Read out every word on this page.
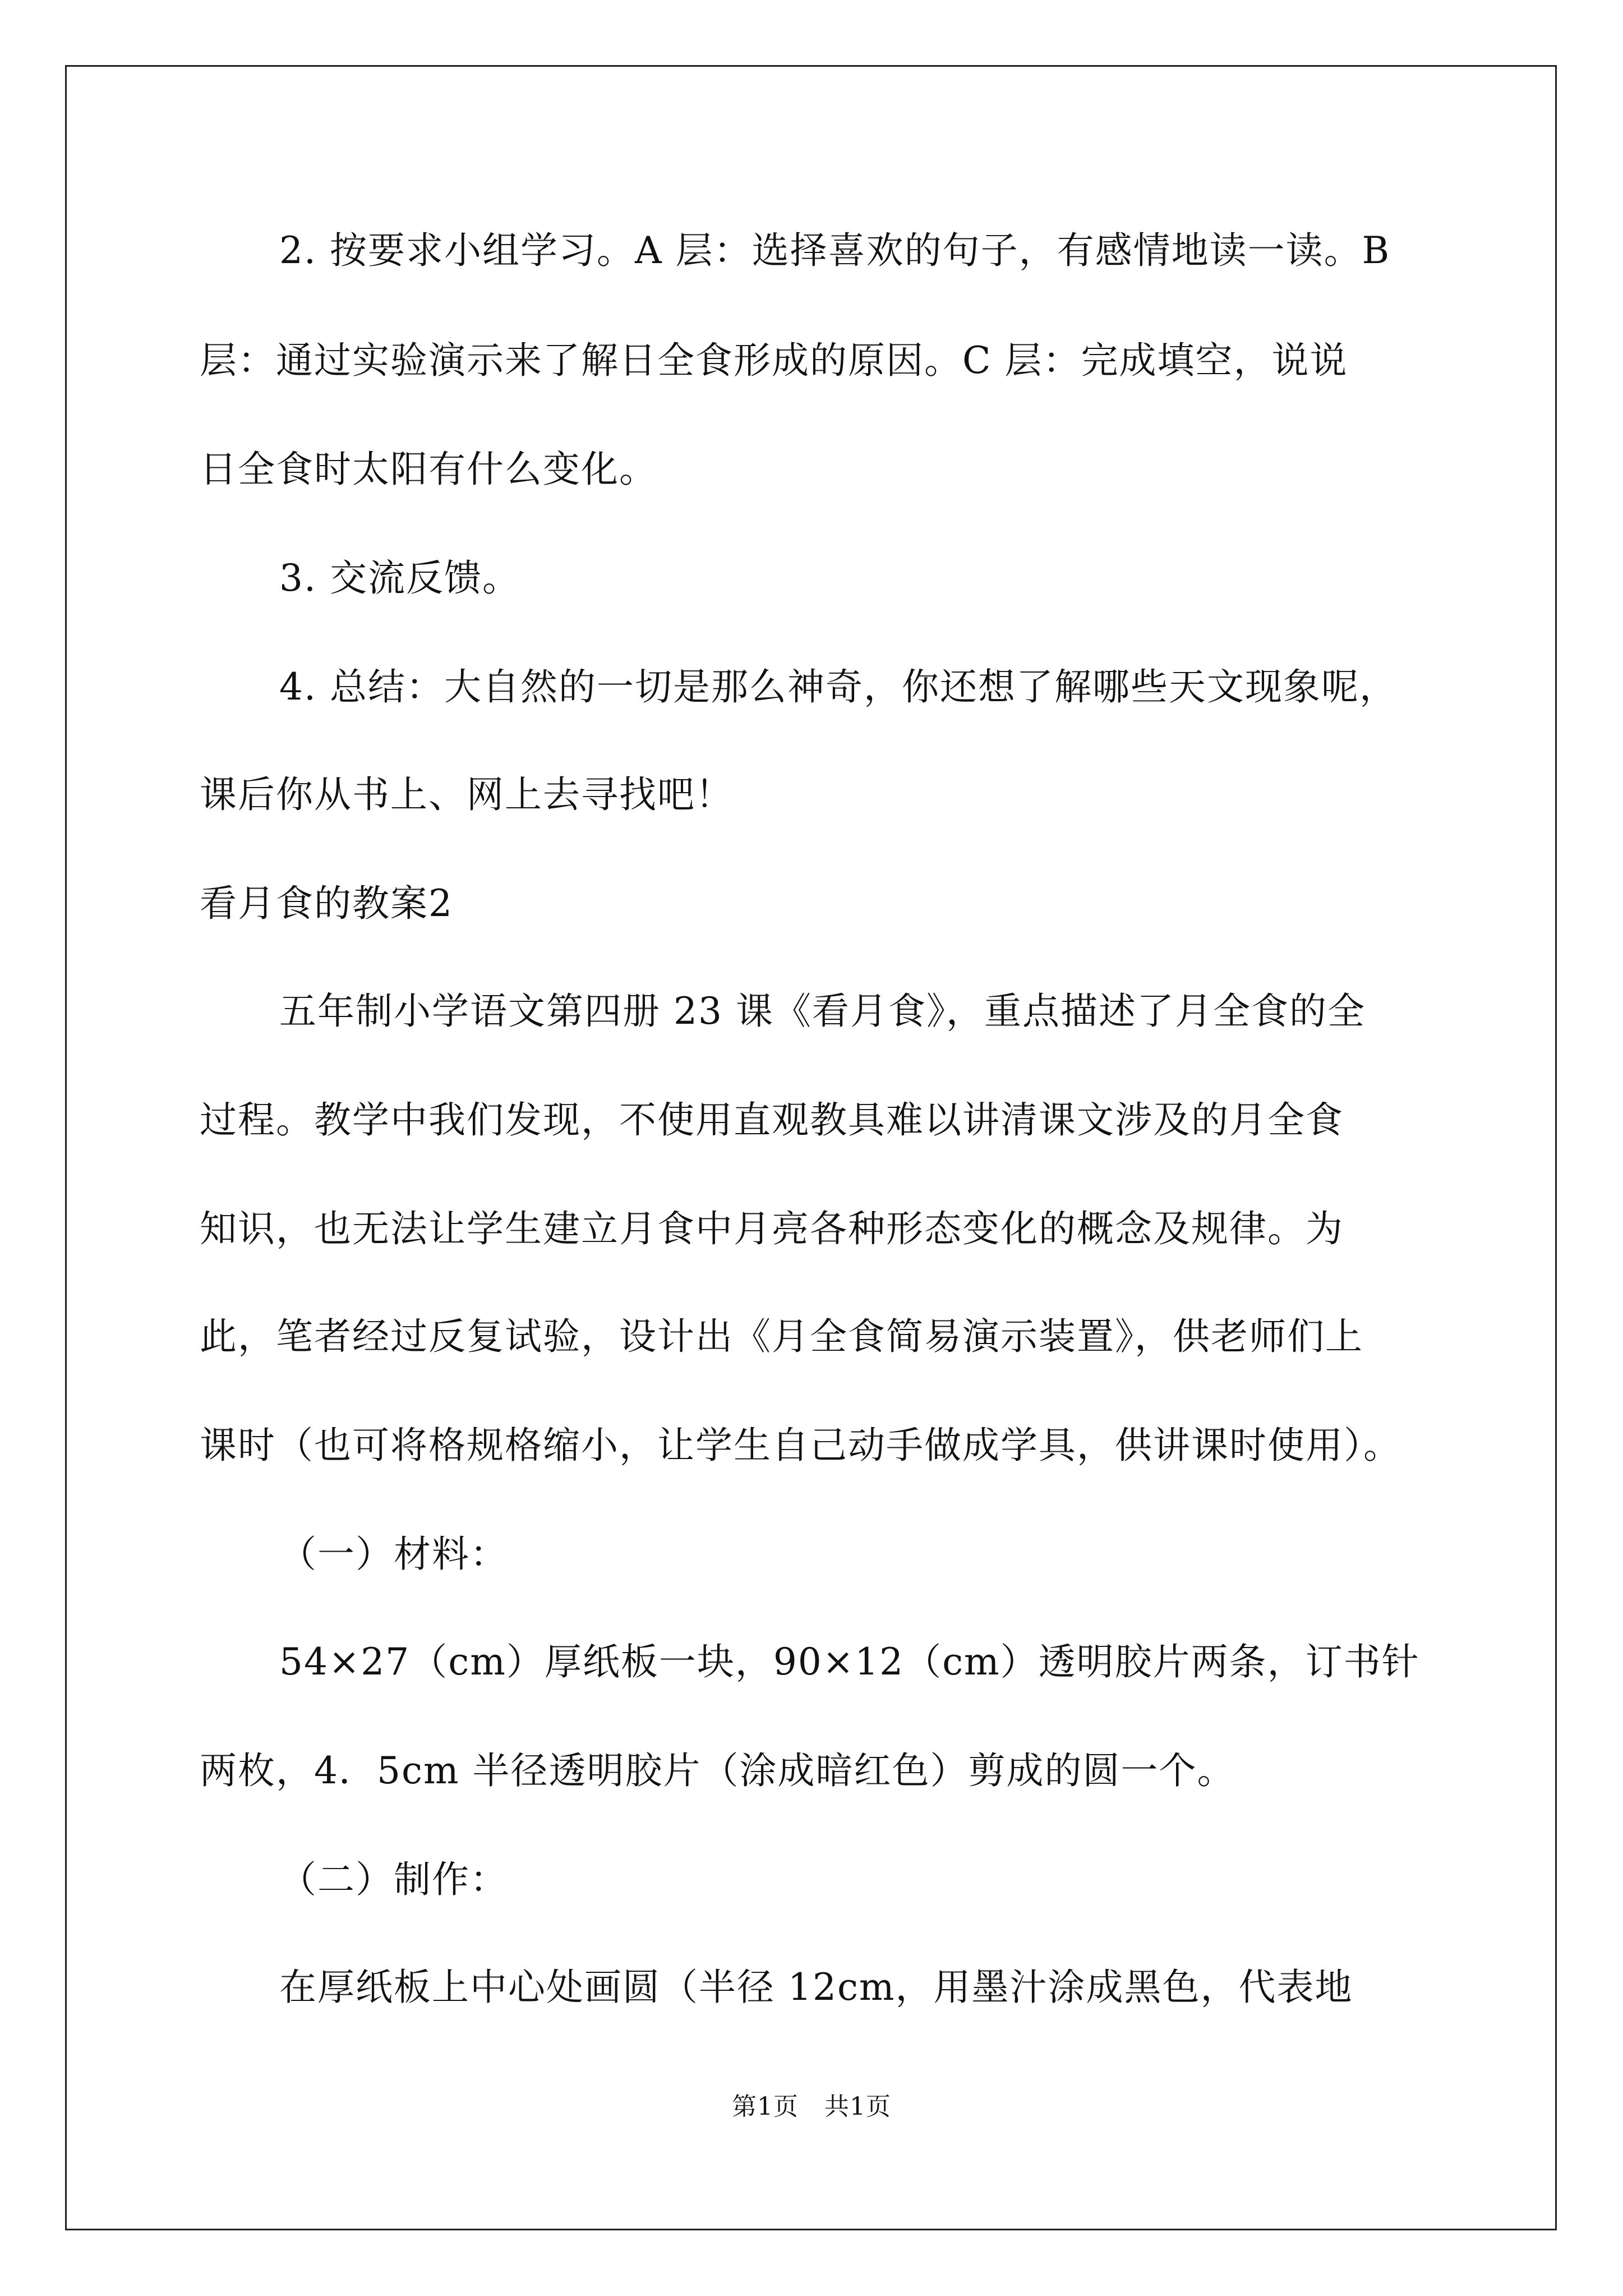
2. 按要求小组学习。A 层：选择喜欢的句子，有感情地读一读。B
层：通过实验演示来了解日全食形成的原因。C 层：完成填空，说说
日全食时太阳有什么变化。
3. 交流反馈。
4. 总结：大自然的一切是那么神奇，你还想了解哪些天文现象呢，
课后你从书上、网上去寻找吧！
看月食的教案2
五年制小学语文第四册 23 课《看月食》，重点描述了月全食的全
过程。教学中我们发现，不使用直观教具难以讲清课文涉及的月全食
知识，也无法让学生建立月食中月亮各种形态变化的概念及规律。为
此，笔者经过反复试验，设计出《月全食简易演示装置》，供老师们上
课时（也可将格规格缩小，让学生自己动手做成学具，供讲课时使用）。
（一）材料：
54×27（cm）厚纸板一块，90×12（cm）透明胶片两条，订书针
两枚，4．5cm 半径透明胶片（涂成暗红色）剪成的圆一个。
（二）制作：
在厚纸板上中心处画圆（半径 12cm，用墨汁涂成黑色，代表地
第1页 共1页
